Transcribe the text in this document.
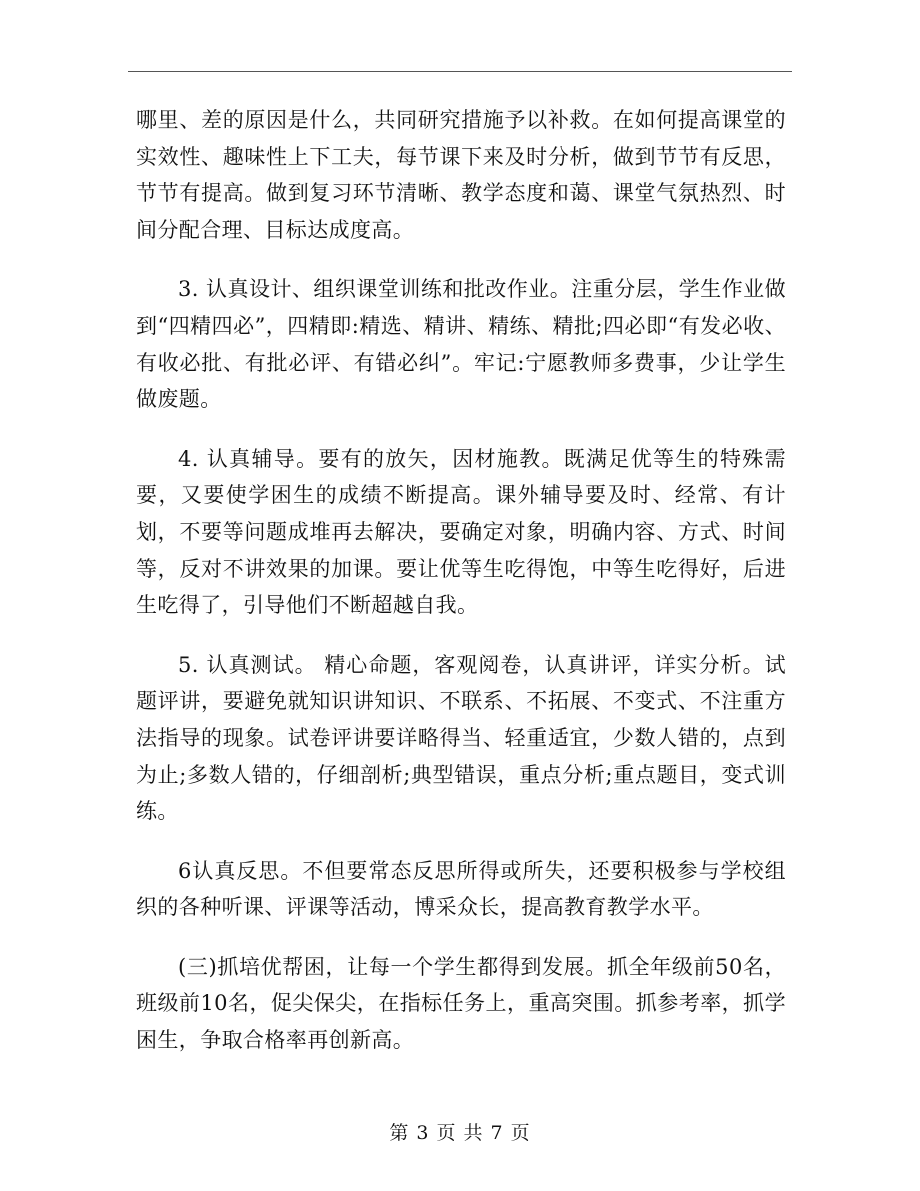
哪里、差的原因是什么，共同研究措施予以补救。在如何提高课堂的实效性、趣味性上下工夫，每节课下来及时分析，做到节节有反思，节节有提高。做到复习环节清晰、教学态度和蔼、课堂气氛热烈、时间分配合理、目标达成度高。

3. 认真设计、组织课堂训练和批改作业。注重分层，学生作业做到“四精四必”，四精即:精选、精讲、精练、精批;四必即“有发必收、有收必批、有批必评、有错必纠”。牢记:宁愿教师多费事，少让学生做废题。

4. 认真辅导。要有的放矢，因材施教。既满足优等生的特殊需要，又要使学困生的成绩不断提高。课外辅导要及时、经常、有计划，不要等问题成堆再去解决，要确定对象，明确内容、方式、时间等，反对不讲效果的加课。要让优等生吃得饱，中等生吃得好，后进生吃得了，引导他们不断超越自我。

5. 认真测试。 精心命题，客观阅卷，认真讲评，详实分析。试题评讲，要避免就知识讲知识、不联系、不拓展、不变式、不注重方法指导的现象。试卷评讲要详略得当、轻重适宜，少数人错的，点到为止;多数人错的，仔细剖析;典型错误，重点分析;重点题目，变式训练。

6认真反思。不但要常态反思所得或所失，还要积极参与学校组织的各种听课、评课等活动，博采众长，提高教育教学水平。

(三)抓培优帮困，让每一个学生都得到发展。抓全年级前50名，班级前10名，促尖保尖，在指标任务上，重高突围。抓参考率，抓学困生，争取合格率再创新高。

第 3 页 共 7 页
